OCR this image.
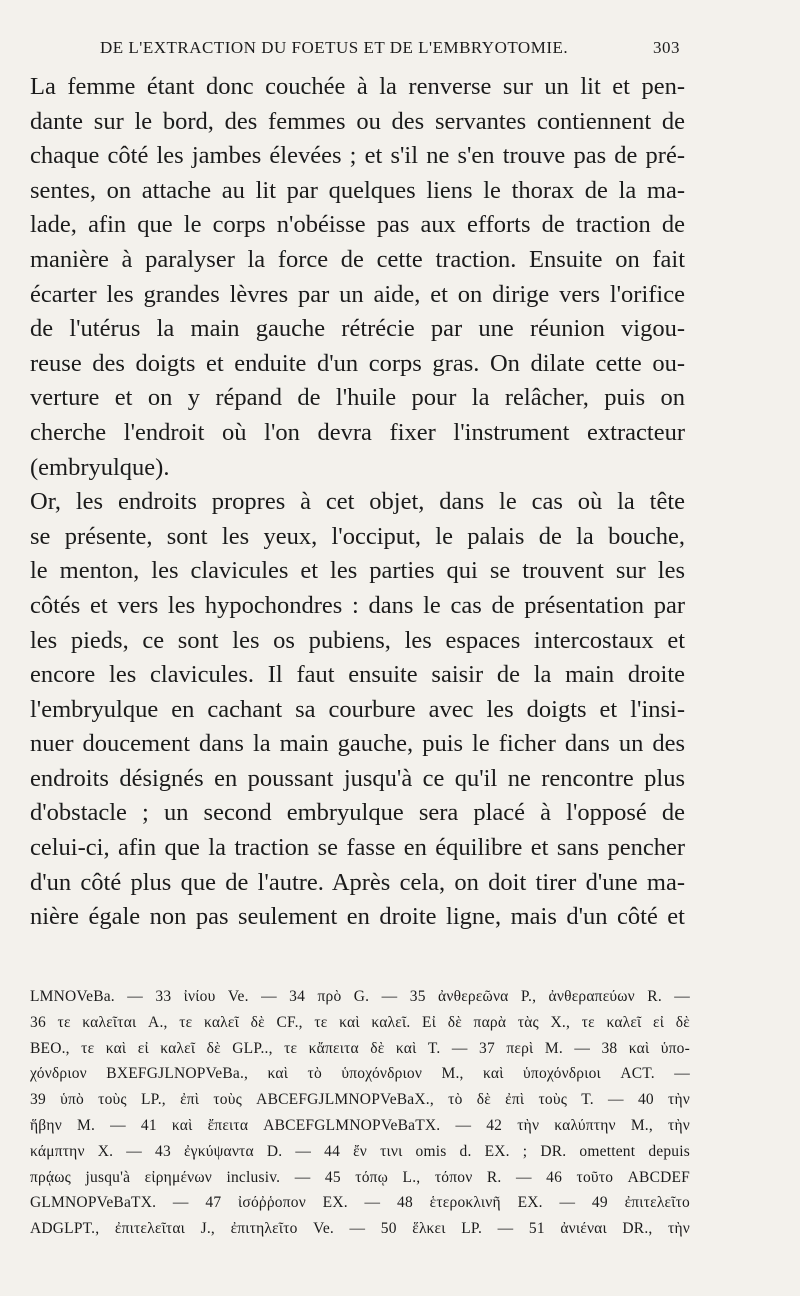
DE L'EXTRACTION DU FOETUS ET DE L'EMBRYOTOMIE.	303

La femme étant donc couchée à la renverse sur un lit et pen-

dante sur le bord, des femmes ou des servantes contiennent de

chaque côté les jambes élevées ; et s'il ne s'en trouve pas de pré-

sentes, on attache au lit par quelques liens le thorax de la ma-

lade, afin que le corps n'obéisse pas aux efforts de traction de

manière à paralyser la force de cette traction. Ensuite on fait

écarter les grandes lèvres par un aide, et on dirige vers l'orifice

de l'utérus la main gauche rétrécie par une réunion vigou-

reuse des doigts et enduite d'un corps gras. On dilate cette ou-

verture et on y répand de l'huile pour la relâcher, puis on

cherche l'endroit où l'on devra fixer l'instrument extracteur

(embryulque).

Or, les endroits propres à cet objet, dans le cas où la tête

se présente, sont les yeux, l'occiput, le palais de la bouche,

le menton, les clavicules et les parties qui se trouvent sur les

côtés et vers les hypochondres : dans le cas de présentation par

les pieds, ce sont les os pubiens, les espaces intercostaux et

encore les clavicules. Il faut ensuite saisir de la main droite

l'embryulque en cachant sa courbure avec les doigts et l'insi-

nuer doucement dans la main gauche, puis le ficher dans un des

endroits désignés en poussant jusqu'à ce qu'il ne rencontre plus

d'obstacle ; un second embryulque sera placé à l'opposé de

celui-ci, afin que la traction se fasse en équilibre et sans pencher

d'un côté plus que de l'autre. Après cela, on doit tirer d'une ma-

nière égale non pas seulement en droite ligne, mais d'un côté et

LMNOVeBa. — 33 ἰνίου Ve. — 34 πρὸ G. — 35 ἀνθερεῶνα P., ἀνθεραπεύων R. —

36 τε καλεῖται A., τε καλεῖ δὲ CF., τε καὶ καλεῖ. Εἰ δὲ παρὰ τὰς X., τε καλεῖ εἰ δὲ

BEO., τε καὶ εἰ καλεῖ δὲ GLP.., τε κἄπειτα δὲ καὶ T. — 37 περὶ M. — 38 καὶ ὑπο-

χόνδριον BXEFGJLNOPVeBa., καὶ τὸ ὑποχόνδριον M., καὶ ὑποχόνδριοι ACT. —

39 ὑπὸ τοὺς LP., ἐπὶ τοὺς ABCEFGJLMNOPVeBaX., τὸ δὲ ἐπὶ τοὺς T. — 40 τὴν

ἥβην M. — 41 καὶ ἔπειτα ABCEFGLMNOPVeBaTX. — 42 τὴν καλύπτην M., τὴν

κάμπτην X. — 43 ἐγκύψαντα D. — 44 ἔν τινι omis d. EX. ; DR. omettent depuis

πρᾴως jusqu'à εἰρημένων inclusiv. — 45 τόπῳ L., τόπον R. — 46 τοῦτο ABCDEF

GLMNOPVeBaTX. — 47 ἰσόῤῥοπον EX. — 48 ἑτεροκλινῆ EX. — 49 ἐπιτελεῖτο

ADGLPT., ἐπιτελεῖται J., ἐπιτηλεῖτο Ve. — 50 ἕλκει LP. — 51 ἀνιέναι DR., τὴν
